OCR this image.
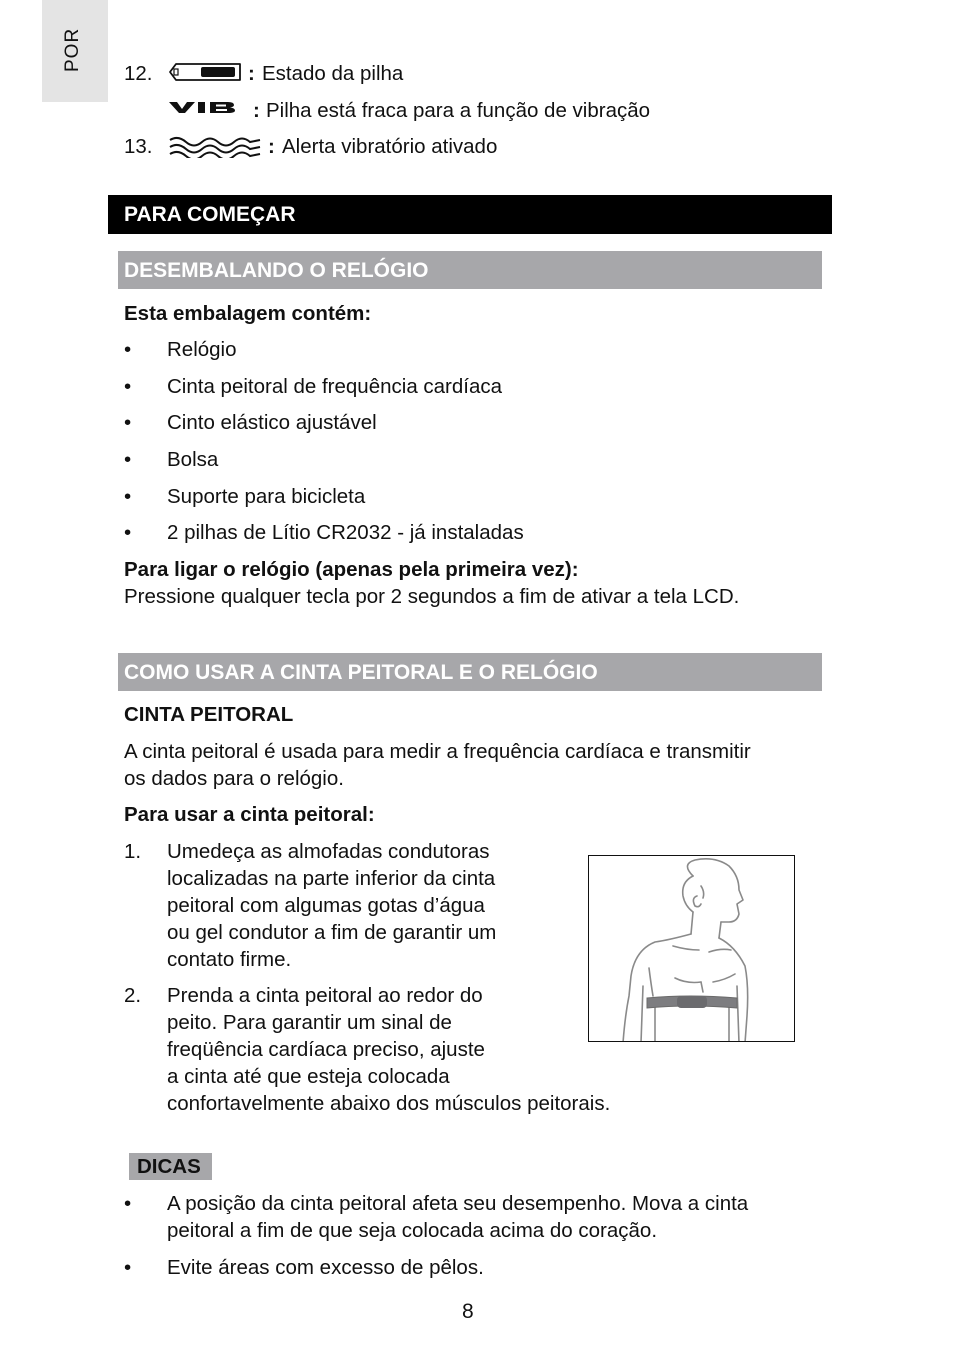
POR
12.	: Estado da pilha
: Pilha está fraca para a função de vibração
13.	: Alerta vibratório ativado
PARA COMEÇAR
DESEMBALANDO O RELÓGIO
Esta embalagem contém:
• Relógio
• Cinta peitoral de frequência cardíaca
• Cinto elástico ajustável
• Bolsa
• Suporte para bicicleta
• 2 pilhas de Lítio CR2032 - já instaladas
Para ligar o relógio (apenas pela primeira vez):
Pressione qualquer tecla por 2 segundos a fim de ativar a tela LCD.
COMO USAR A CINTA PEITORAL E O RELÓGIO
CINTA PEITORAL
A cinta peitoral é usada para medir a frequência cardíaca e transmitir
os dados para o relógio.
Para usar a cinta peitoral:
1. Umedeça as almofadas condutoras
localizadas na parte inferior da cinta
peitoral com algumas gotas d’água
ou gel condutor a fim de garantir um
contato firme.
2. Prenda a cinta peitoral ao redor do
peito. Para garantir um sinal de
freqüência cardíaca preciso, ajuste
a cinta até que esteja colocada
confortavelmente abaixo dos músculos peitorais.
DICAS
• A posição da cinta peitoral afeta seu desempenho. Mova a cinta
peitoral a fim de que seja colocada acima do coração.
• Evite áreas com excesso de pêlos.
8
